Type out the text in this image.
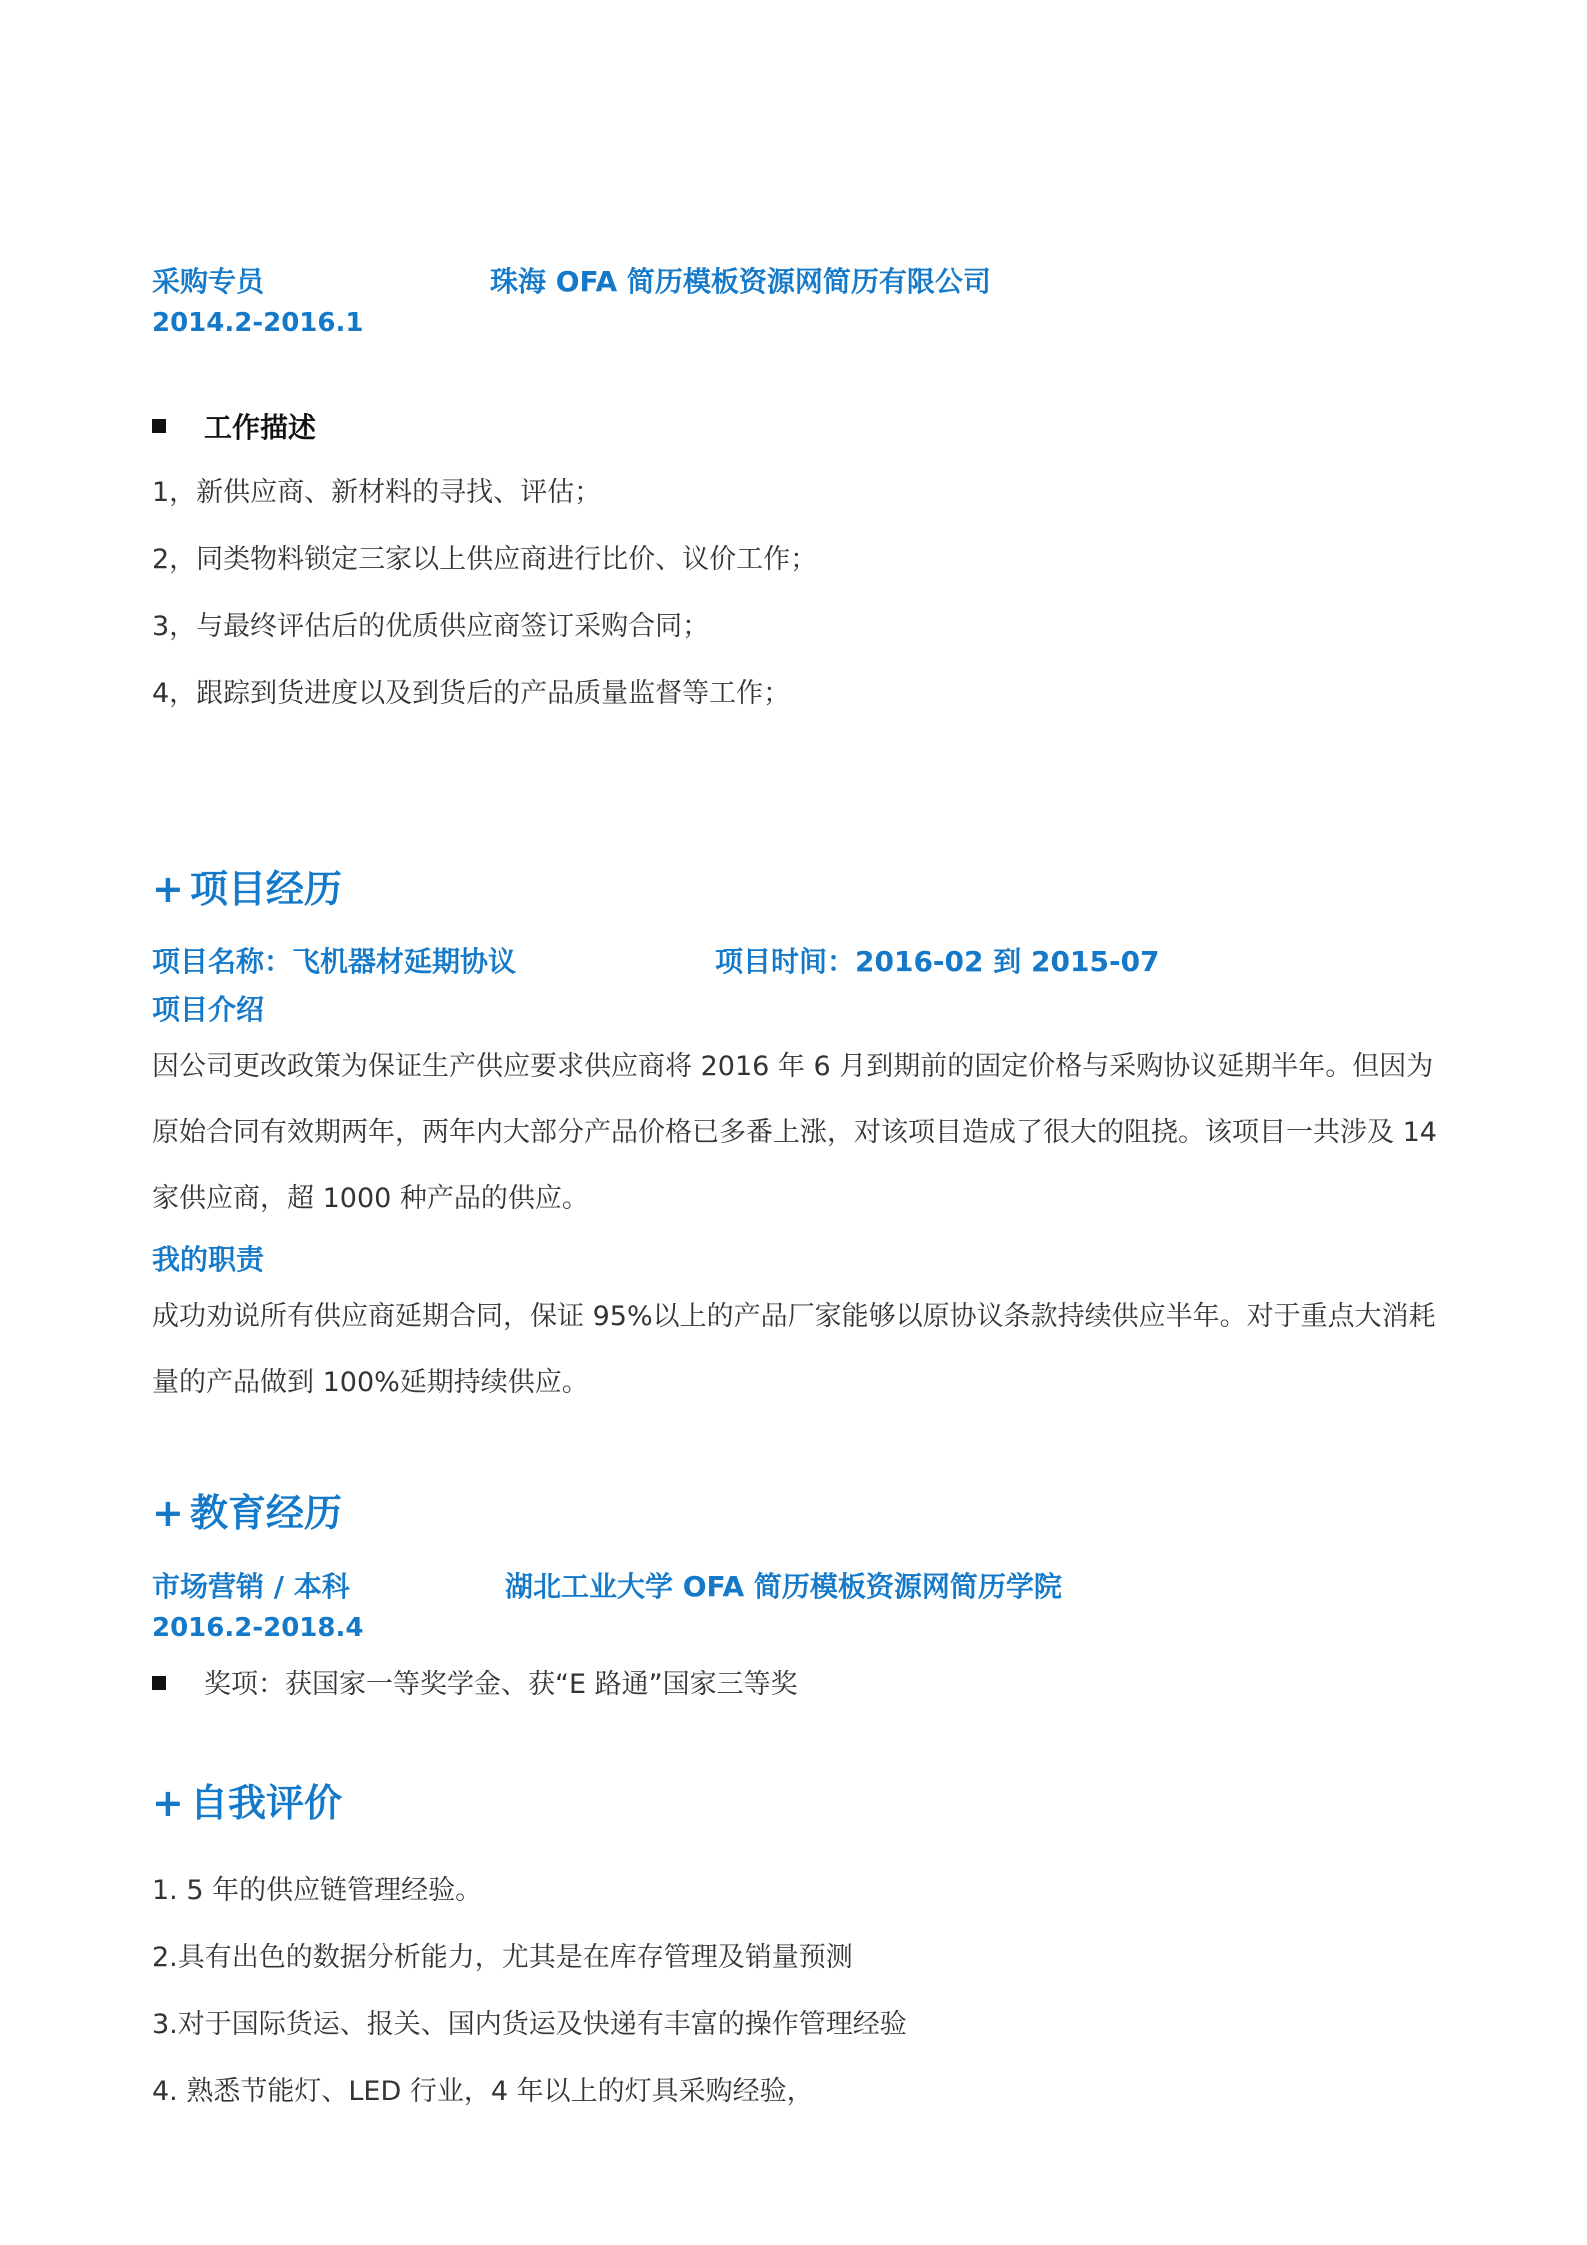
采购专员	珠海 OFA 简历模板资源网简历有限公司
2014.2-2016.1
工作描述
1，新供应商、新材料的寻找、评估；
2，同类物料锁定三家以上供应商进行比价、议价工作；
3，与最终评估后的优质供应商签订采购合同；
4，跟踪到货进度以及到货后的产品质量监督等工作；
+ 项目经历
项目名称：飞机器材延期协议	项目时间：2016-02 到 2015-07
项目介绍
因公司更改政策为保证生产供应要求供应商将 2016 年 6 月到期前的固定价格与采购协议延期半年。但因为原始合同有效期两年，两年内大部分产品价格已多番上涨，对该项目造成了很大的阻挠。该项目一共涉及 14 家供应商，超 1000 种产品的供应。
我的职责
成功劝说所有供应商延期合同，保证 95%以上的产品厂家能够以原协议条款持续供应半年。对于重点大消耗量的产品做到 100%延期持续供应。
+ 教育经历
市场营销 / 本科	湖北工业大学 OFA 简历模板资源网简历学院
2016.2-2018.4
奖项：获国家一等奖学金、获“E 路通”国家三等奖
+ 自我评价
1. 5 年的供应链管理经验。
2.具有出色的数据分析能力，尤其是在库存管理及销量预测
3.对于国际货运、报关、国内货运及快递有丰富的操作管理经验
4. 熟悉节能灯、LED 行业，4 年以上的灯具采购经验，
